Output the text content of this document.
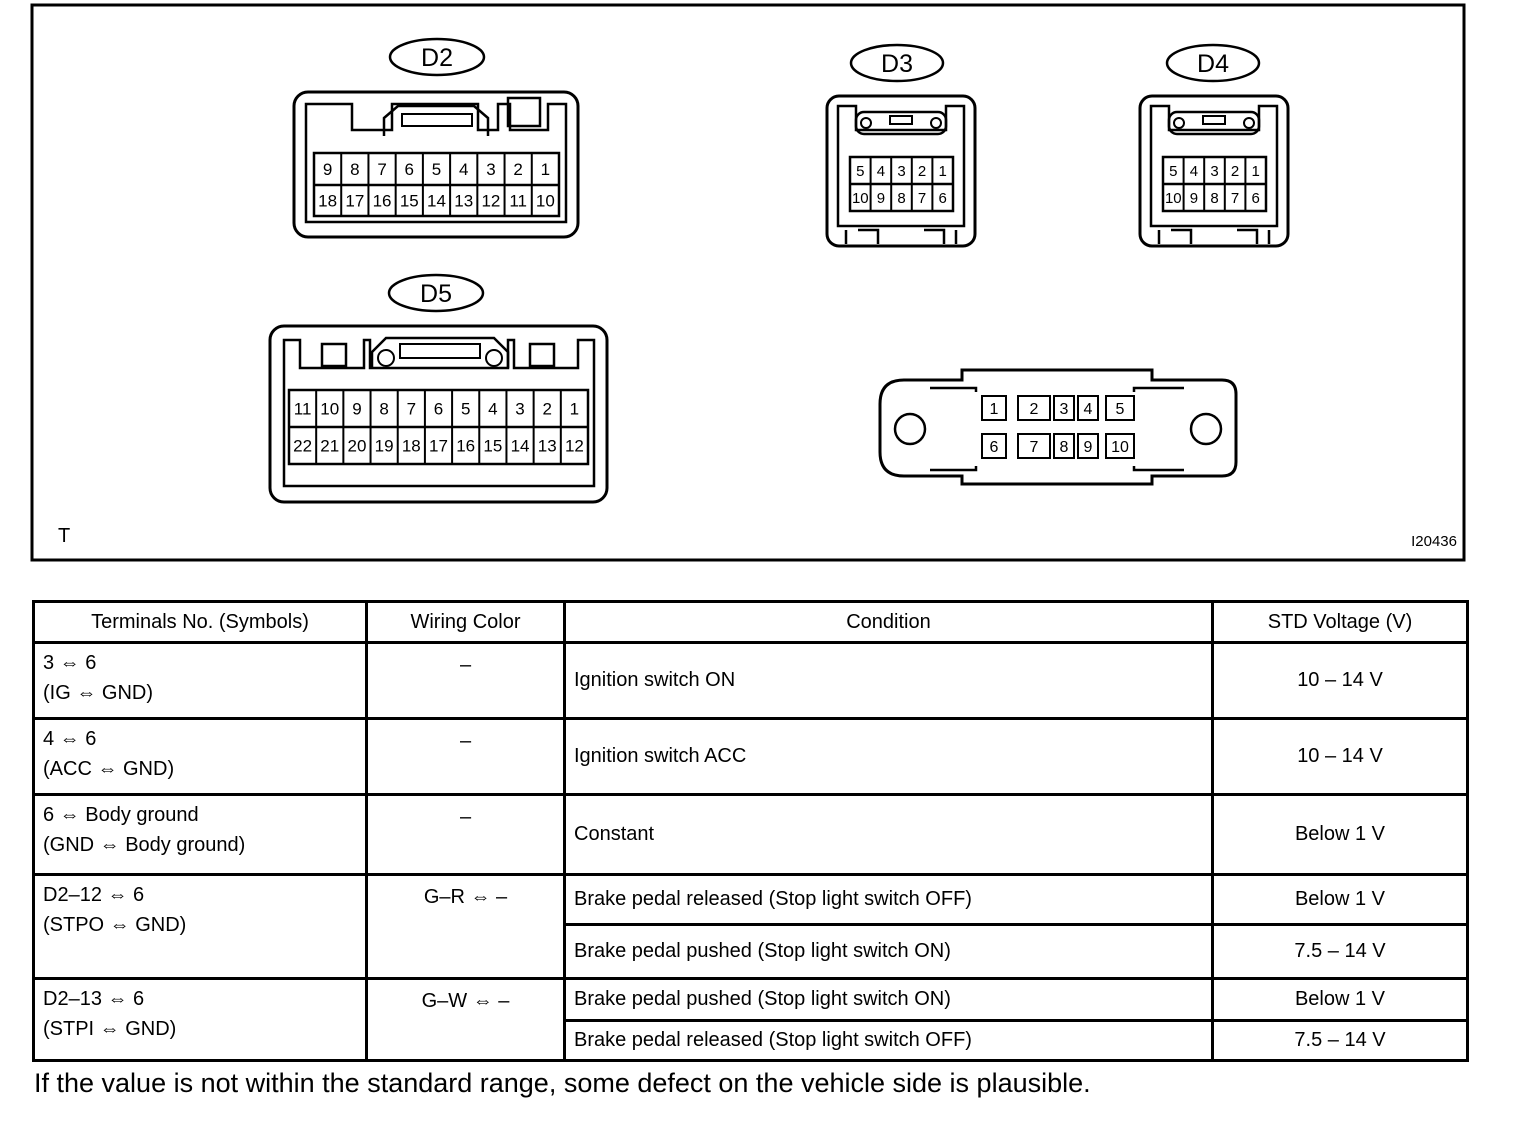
9 8 7 6 5 4 3 2 1
18 17 16 15 14 13 12 11 10
5 4 3 2 1
10 9 8 7 6
5 4 3 2 1
10 9 8 7 6
11 10 9 8 7 6 5 4 3 2 1
22 21 20 19 18 17 16 15 14 13 12
1 2 3 4 5
6 7 8 9 10
D2	D3	D4
D5
T	I20436
Terminals No. (Symbols)	Wiring Color	Condition	STD Voltage (V)

3 ⇔ 6
(IG ⇔ GND)	–	Ignition switch ON	10 – 14 V

4 ⇔ 6
(ACC ⇔ GND)	–	Ignition switch ACC	10 – 14 V

6 ⇔ Body ground
(GND ⇔ Body ground)	–	Constant	Below 1 V

D2–12 ⇔ 6
(STPO ⇔ GND)	G–R ⇔ –	Brake pedal released (Stop light switch OFF)	Below 1 V
		Brake pedal pushed (Stop light switch ON)	7.5 – 14 V

D2–13 ⇔ 6
(STPI ⇔ GND)	G–W ⇔ –	Brake pedal pushed (Stop light switch ON)	Below 1 V
		Brake pedal released (Stop light switch OFF)	7.5 – 14 V
If the value is not within the standard range, some defect on the vehicle side is plausible.
